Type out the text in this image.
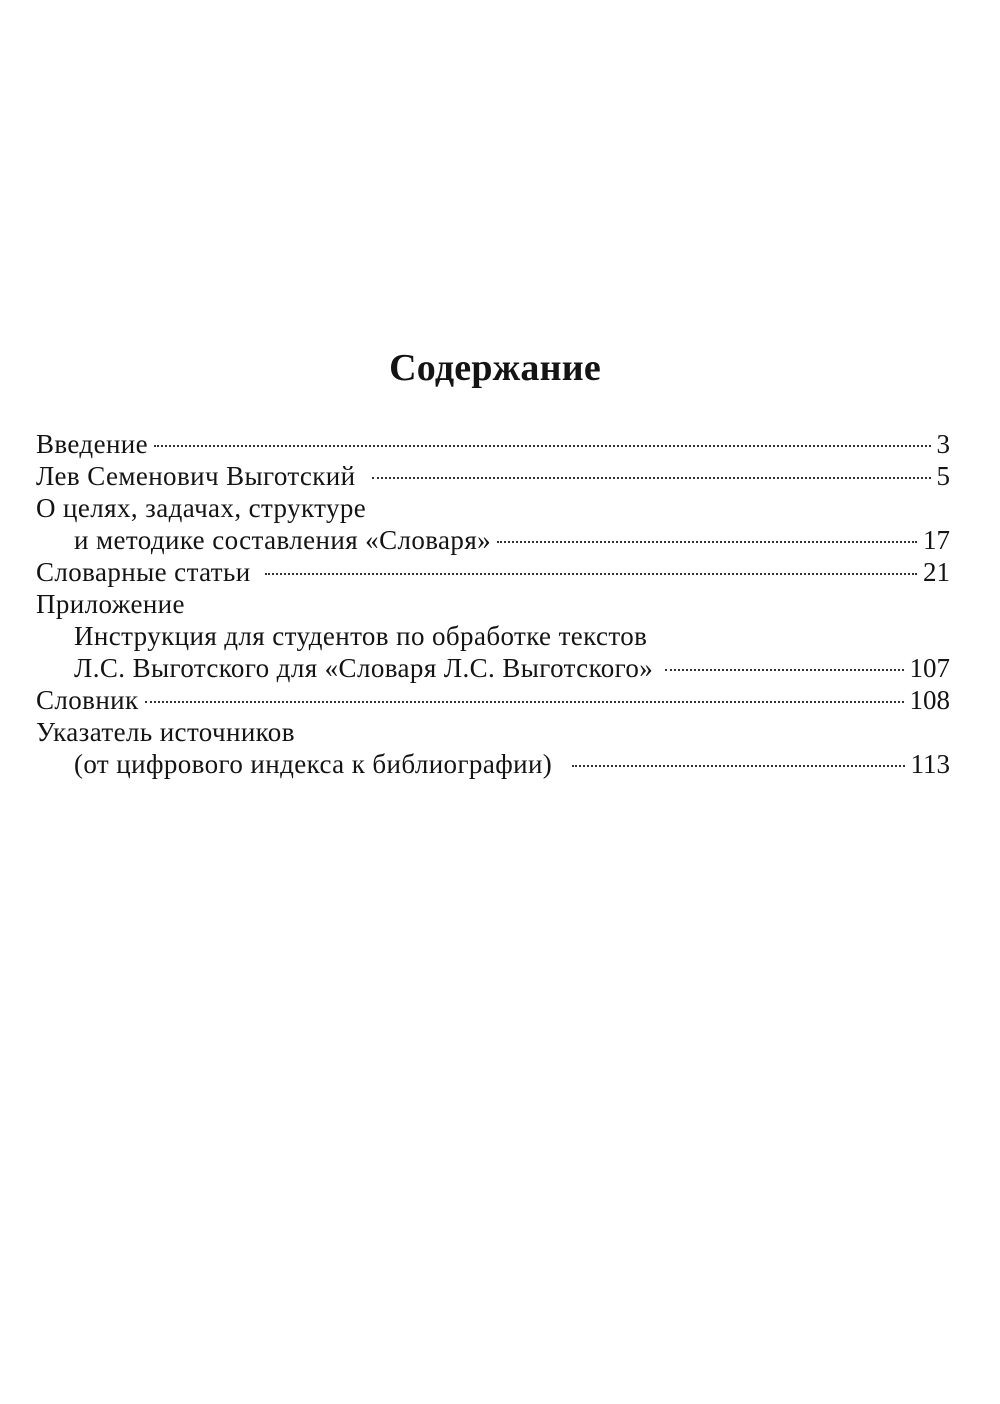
Содержание
Введение	3
Лев Семенович Выготский	5
О целях, задачах, структуре
и методике составления «Словаря»	17
Словарные статьи	21
Приложение
Инструкция для студентов по обработке текстов
Л.С. Выготского для «Словаря Л.С. Выготского»	107
Словник	108
Указатель источников
(от цифрового индекса к библиографии)	113
